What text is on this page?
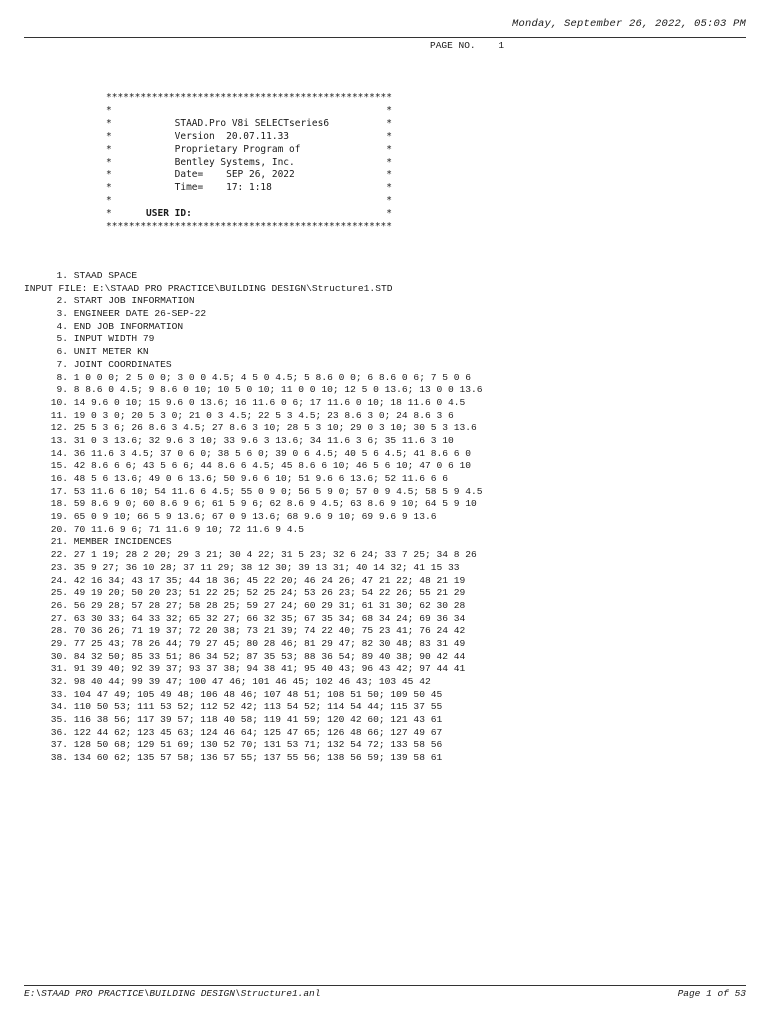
Monday, September 26, 2022, 05:03 PM
PAGE NO. 1
**************************************************
*                                                *
*           STAAD.Pro V8i SELECTseries6          *
*           Version  20.07.11.33                 *
*           Proprietary Program of               *
*           Bentley Systems, Inc.                *
*           Date=    SEP 26, 2022                *
*           Time=    17: 1:18                    *
*                                                *
*      USER ID:                                  *
**************************************************
1. STAAD SPACE
INPUT FILE: E:\STAAD PRO PRACTICE\BUILDING DESIGN\Structure1.STD
2. START JOB INFORMATION
3. ENGINEER DATE 26-SEP-22
4. END JOB INFORMATION
5. INPUT WIDTH 79
6. UNIT METER KN
7. JOINT COORDINATES
8. 1 0 0 0; 2 5 0 0; 3 0 0 4.5; 4 5 0 4.5; 5 8.6 0 0; 6 8.6 0 6; 7 5 0 6
9. 8 8.6 0 4.5; 9 8.6 0 10; 10 5 0 10; 11 0 0 10; 12 5 0 13.6; 13 0 0 13.6
10. 14 9.6 0 10; 15 9.6 0 13.6; 16 11.6 0 6; 17 11.6 0 10; 18 11.6 0 4.5
11. 19 0 3 0; 20 5 3 0; 21 0 3 4.5; 22 5 3 4.5; 23 8.6 3 0; 24 8.6 3 6
12. 25 5 3 6; 26 8.6 3 4.5; 27 8.6 3 10; 28 5 3 10; 29 0 3 10; 30 5 3 13.6
13. 31 0 3 13.6; 32 9.6 3 10; 33 9.6 3 13.6; 34 11.6 3 6; 35 11.6 3 10
14. 36 11.6 3 4.5; 37 0 6 0; 38 5 6 0; 39 0 6 4.5; 40 5 6 4.5; 41 8.6 6 0
15. 42 8.6 6 6; 43 5 6 6; 44 8.6 6 4.5; 45 8.6 6 10; 46 5 6 10; 47 0 6 10
16. 48 5 6 13.6; 49 0 6 13.6; 50 9.6 6 10; 51 9.6 6 13.6; 52 11.6 6 6
17. 53 11.6 6 10; 54 11.6 6 4.5; 55 0 9 0; 56 5 9 0; 57 0 9 4.5; 58 5 9 4.5
18. 59 8.6 9 0; 60 8.6 9 6; 61 5 9 6; 62 8.6 9 4.5; 63 8.6 9 10; 64 5 9 10
19. 65 0 9 10; 66 5 9 13.6; 67 0 9 13.6; 68 9.6 9 10; 69 9.6 9 13.6
20. 70 11.6 9 6; 71 11.6 9 10; 72 11.6 9 4.5
21. MEMBER INCIDENCES
22. 27 1 19; 28 2 20; 29 3 21; 30 4 22; 31 5 23; 32 6 24; 33 7 25; 34 8 26
23. 35 9 27; 36 10 28; 37 11 29; 38 12 30; 39 13 31; 40 14 32; 41 15 33
24. 42 16 34; 43 17 35; 44 18 36; 45 22 20; 46 24 26; 47 21 22; 48 21 19
25. 49 19 20; 50 20 23; 51 22 25; 52 25 24; 53 26 23; 54 22 26; 55 21 29
26. 56 29 28; 57 28 27; 58 28 25; 59 27 24; 60 29 31; 61 31 30; 62 30 28
27. 63 30 33; 64 33 32; 65 32 27; 66 32 35; 67 35 34; 68 34 24; 69 36 34
28. 70 36 26; 71 19 37; 72 20 38; 73 21 39; 74 22 40; 75 23 41; 76 24 42
29. 77 25 43; 78 26 44; 79 27 45; 80 28 46; 81 29 47; 82 30 48; 83 31 49
30. 84 32 50; 85 33 51; 86 34 52; 87 35 53; 88 36 54; 89 40 38; 90 42 44
31. 91 39 40; 92 39 37; 93 37 38; 94 38 41; 95 40 43; 96 43 42; 97 44 41
32. 98 40 44; 99 39 47; 100 47 46; 101 46 45; 102 46 43; 103 45 42
33. 104 47 49; 105 49 48; 106 48 46; 107 48 51; 108 51 50; 109 50 45
34. 110 50 53; 111 53 52; 112 52 42; 113 54 52; 114 54 44; 115 37 55
35. 116 38 56; 117 39 57; 118 40 58; 119 41 59; 120 42 60; 121 43 61
36. 122 44 62; 123 45 63; 124 46 64; 125 47 65; 126 48 66; 127 49 67
37. 128 50 68; 129 51 69; 130 52 70; 131 53 71; 132 54 72; 133 58 56
38. 134 60 62; 135 57 58; 136 57 55; 137 55 56; 138 56 59; 139 58 61
E:\STAAD PRO PRACTICE\BUILDING DESIGN\Structure1.anl	Page 1 of 53
